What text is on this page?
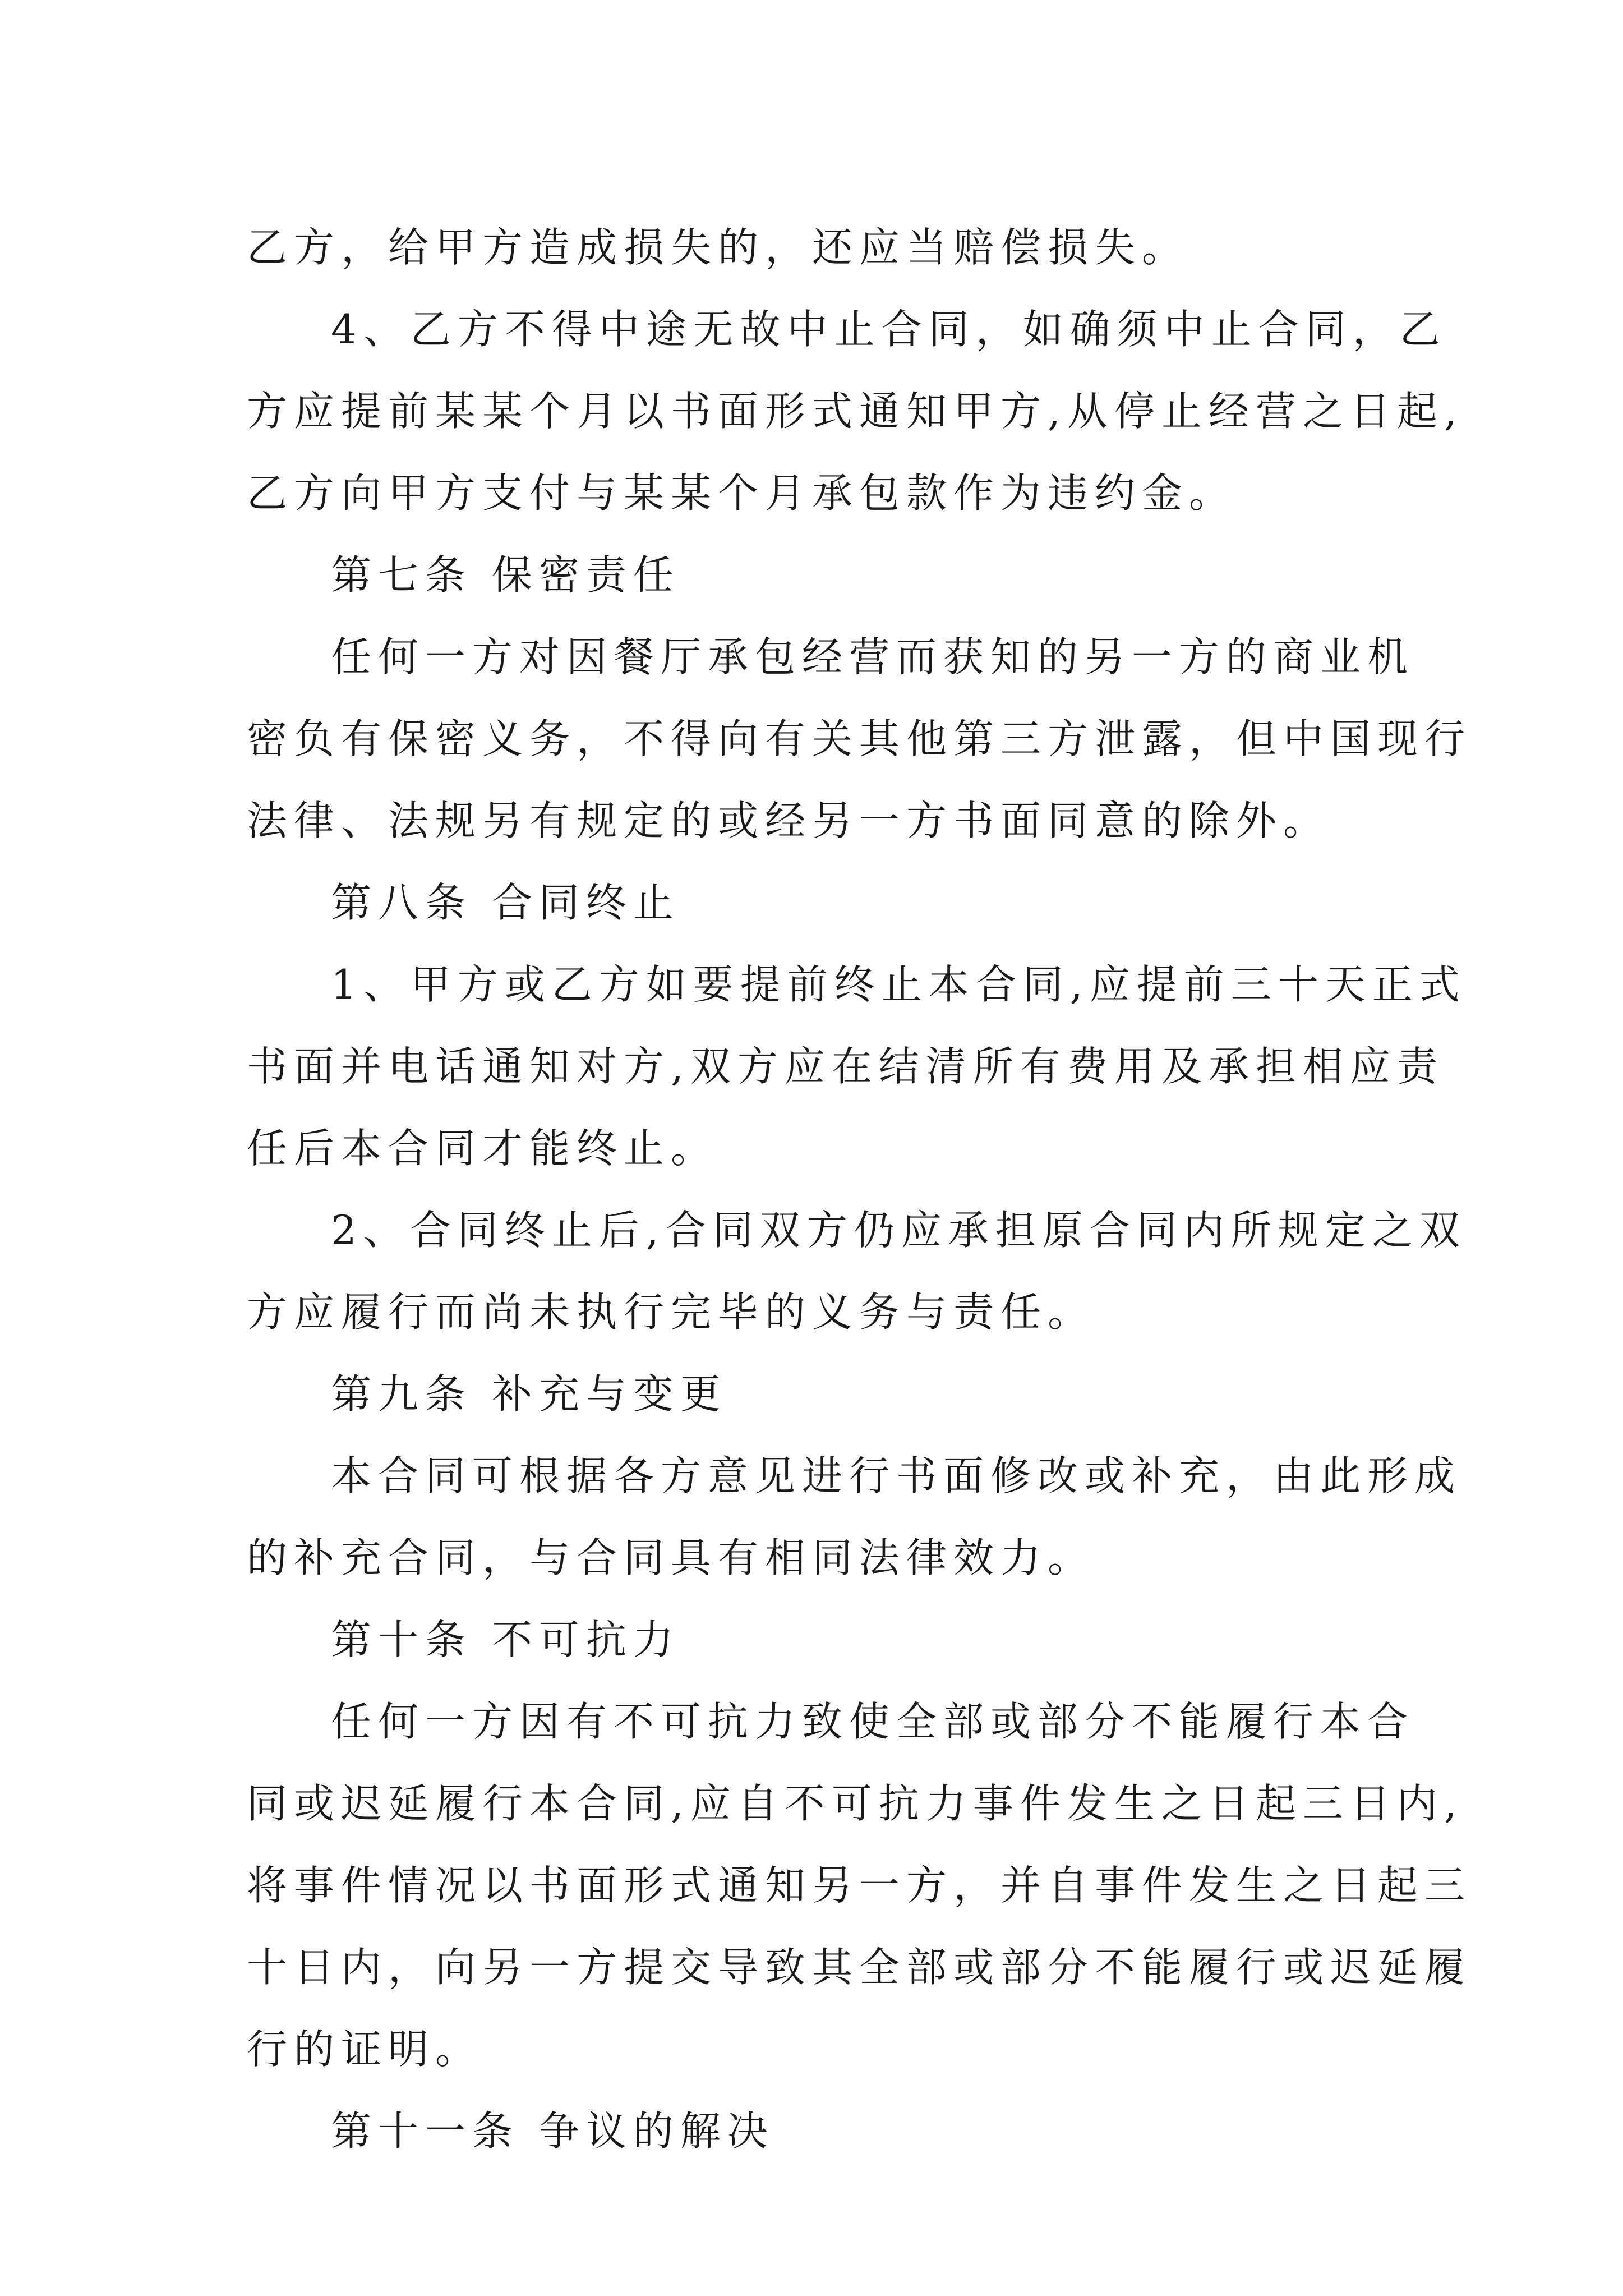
乙方，给甲方造成损失的，还应当赔偿损失。
4、乙方不得中途无故中止合同，如确须中止合同，乙
方应提前某某个月以书面形式通知甲方,从停止经营之日起,
乙方向甲方支付与某某个月承包款作为违约金。
第七条 保密责任
任何一方对因餐厅承包经营而获知的另一方的商业机
密负有保密义务，不得向有关其他第三方泄露，但中国现行
法律、法规另有规定的或经另一方书面同意的除外。
第八条 合同终止
1、甲方或乙方如要提前终止本合同,应提前三十天正式
书面并电话通知对方,双方应在结清所有费用及承担相应责
任后本合同才能终止。
2、合同终止后,合同双方仍应承担原合同内所规定之双
方应履行而尚未执行完毕的义务与责任。
第九条 补充与变更
本合同可根据各方意见进行书面修改或补充，由此形成
的补充合同，与合同具有相同法律效力。
第十条 不可抗力
任何一方因有不可抗力致使全部或部分不能履行本合
同或迟延履行本合同,应自不可抗力事件发生之日起三日内,
将事件情况以书面形式通知另一方，并自事件发生之日起三
十日内，向另一方提交导致其全部或部分不能履行或迟延履
行的证明。
第十一条 争议的解决
